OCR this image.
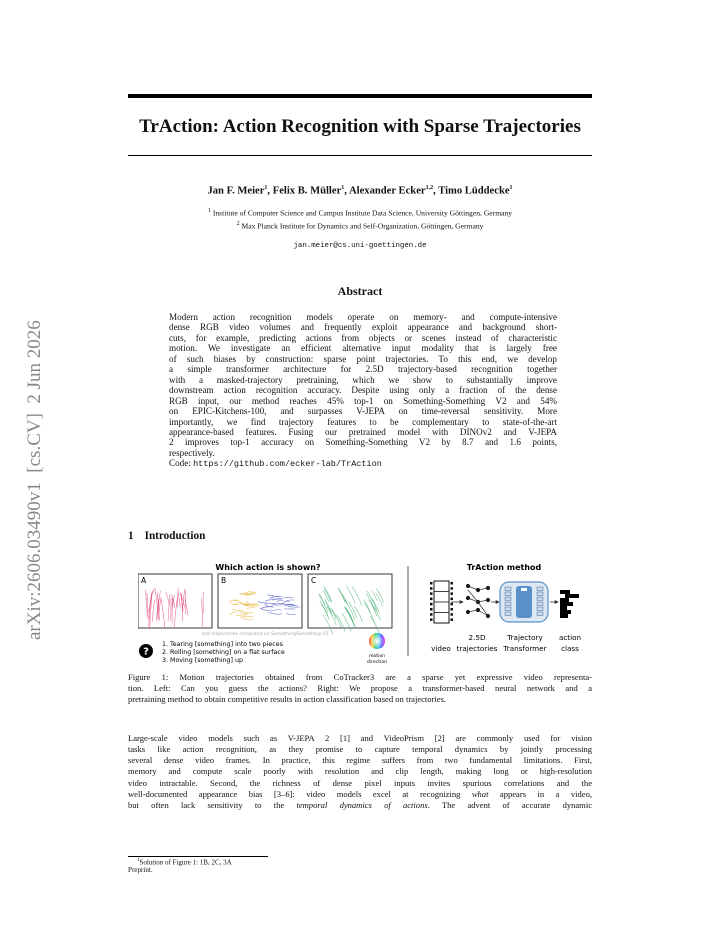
arXiv:2606.03490v1  [cs.CV]  2 Jun 2026
TrAction: Action Recognition with Sparse Trajectories
Jan F. Meier$^1$, Felix B. Müller$^1$, Alexander Ecker$^{1,2}$, Timo Lüddecke$^1$
$^1$ Institute of Computer Science and Campus Institute Data Science, University Göttingen, Germany
$^2$ Max Planck Institute for Dynamics and Self-Organization, Göttingen, Germany
jan.meier@cs.uni-goettingen.de
Abstract
Modern action recognition models operate on memory- and compute-intensive
dense RGB video volumes and frequently exploit appearance and background short-
cuts, for example, predicting actions from objects or scenes instead of characteristic
motion. We investigate an efficient alternative input modality that is largely free
of such biases by construction: sparse point trajectories. To this end, we develop
a simple transformer architecture for 2.5D trajectory-based recognition together
with a masked-trajectory pretraining, which we show to substantially improve
downstream action recognition accuracy. Despite using only a fraction of the dense
RGB input, our method reaches 45% top-1 on Something-Something V2 and 54%
on EPIC-Kitchens-100, and surpasses V-JEPA on time-reversal sensitivity. More
importantly, we find trajectory features to be complementary to state-of-the-art
appearance-based features. Fusing our pretrained model with DINOv2 and V-JEPA
2 improves top-1 accuracy on Something-Something V2 by 8.7 and 1.6 points,
respectively.
Code: https://github.com/ecker-lab/TrAction
1 Introduction
Which action is shown?
A	B	C
real trajectories computed on SomethingSomething V2
?
1. Tearing [something] into two pieces
2. Rolling [something] on a flat surface
3. Moving [something] up
motion
direction
TrAction method
video
2.5D
trajectories
Trajectory
Transformer
action
class
Figure 1: Motion trajectories obtained from CoTracker3 are a sparse yet expressive video representa-
tion. Left: Can you guess the actions? Right: We propose a transformer-based neural network and a
pretraining method to obtain competitive results in action classification based on trajectories.
Large-scale video models such as V-JEPA 2 [1] and VideoPrism [2] are commonly used for vision
tasks like action recognition, as they promise to capture temporal dynamics by jointly processing
several dense video frames. In practice, this regime suffers from two fundamental limitations. First,
memory and compute scale poorly with resolution and clip length, making long or high-resolution
video intractable. Second, the richness of dense pixel inputs invites spurious correlations and the
well-documented appearance bias [3–6]: video models excel at recognizing what appears in a video,
but often lack sensitivity to the temporal dynamics of actions. The advent of accurate dynamic
$^1$Solution of Figure 1: 1B, 2C, 3A
Preprint.
